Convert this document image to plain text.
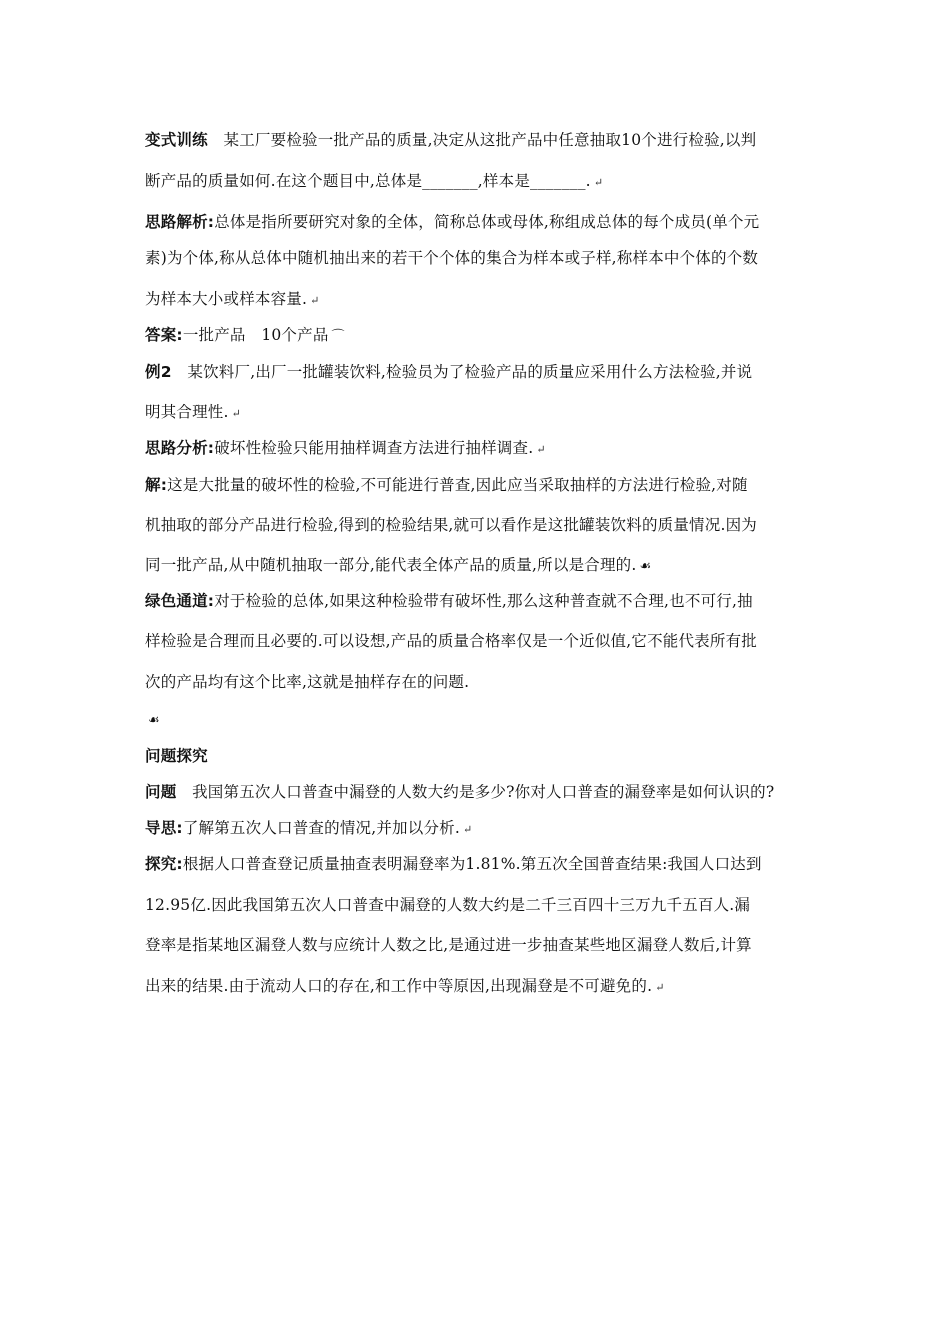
变式训练　 某工厂要检验一批产品的质量,决定从这批产品中任意抽取10个进行检验,以判
断产品的质量如何.在这个题目中,总体是_______,样本是_______. ↵
思路解析:总体是指所要研究对象的全体，简称总体或母体,称组成总体的每个成员(单个元
素)为个体,称从总体中随机抽出来的若干个个体的集合为样本或子样,称样本中个体的个数
为样本大小或样本容量. ↵
答案:一批产品　10个产品 ⌒
例2　某饮料厂,出厂一批罐装饮料,检验员为了检验产品的质量应采用什么方法检验,并说
明其合理性. ↵
思路分析:破坏性检验只能用抽样调查方法进行抽样调查. ↵
解:这是大批量的破坏性的检验,不可能进行普查,因此应当采取抽样的方法进行检验,对随
机抽取的部分产品进行检验,得到的检验结果,就可以看作是这批罐装饮料的质量情况.因为
同一批产品,从中随机抽取一部分,能代表全体产品的质量,所以是合理的. ☙
绿色通道:对于检验的总体,如果这种检验带有破坏性,那么这种普查就不合理,也不可行,抽
样检验是合理而且必要的.可以设想,产品的质量合格率仅是一个近似值,它不能代表所有批
次的产品均有这个比率,这就是抽样存在的问题.
☙
问题探究
问题　我国第五次人口普查中漏登的人数大约是多少?你对人口普查的漏登率是如何认识的?
导思:了解第五次人口普查的情况,并加以分析. ↵
探究:根据人口普查登记质量抽查表明漏登率为1.81%.第五次全国普查结果:我国人口达到
12.95亿.因此我国第五次人口普查中漏登的人数大约是二千三百四十三万九千五百人.漏
登率是指某地区漏登人数与应统计人数之比,是通过进一步抽查某些地区漏登人数后,计算
出来的结果.由于流动人口的存在,和工作中等原因,出现漏登是不可避免的. ↵
